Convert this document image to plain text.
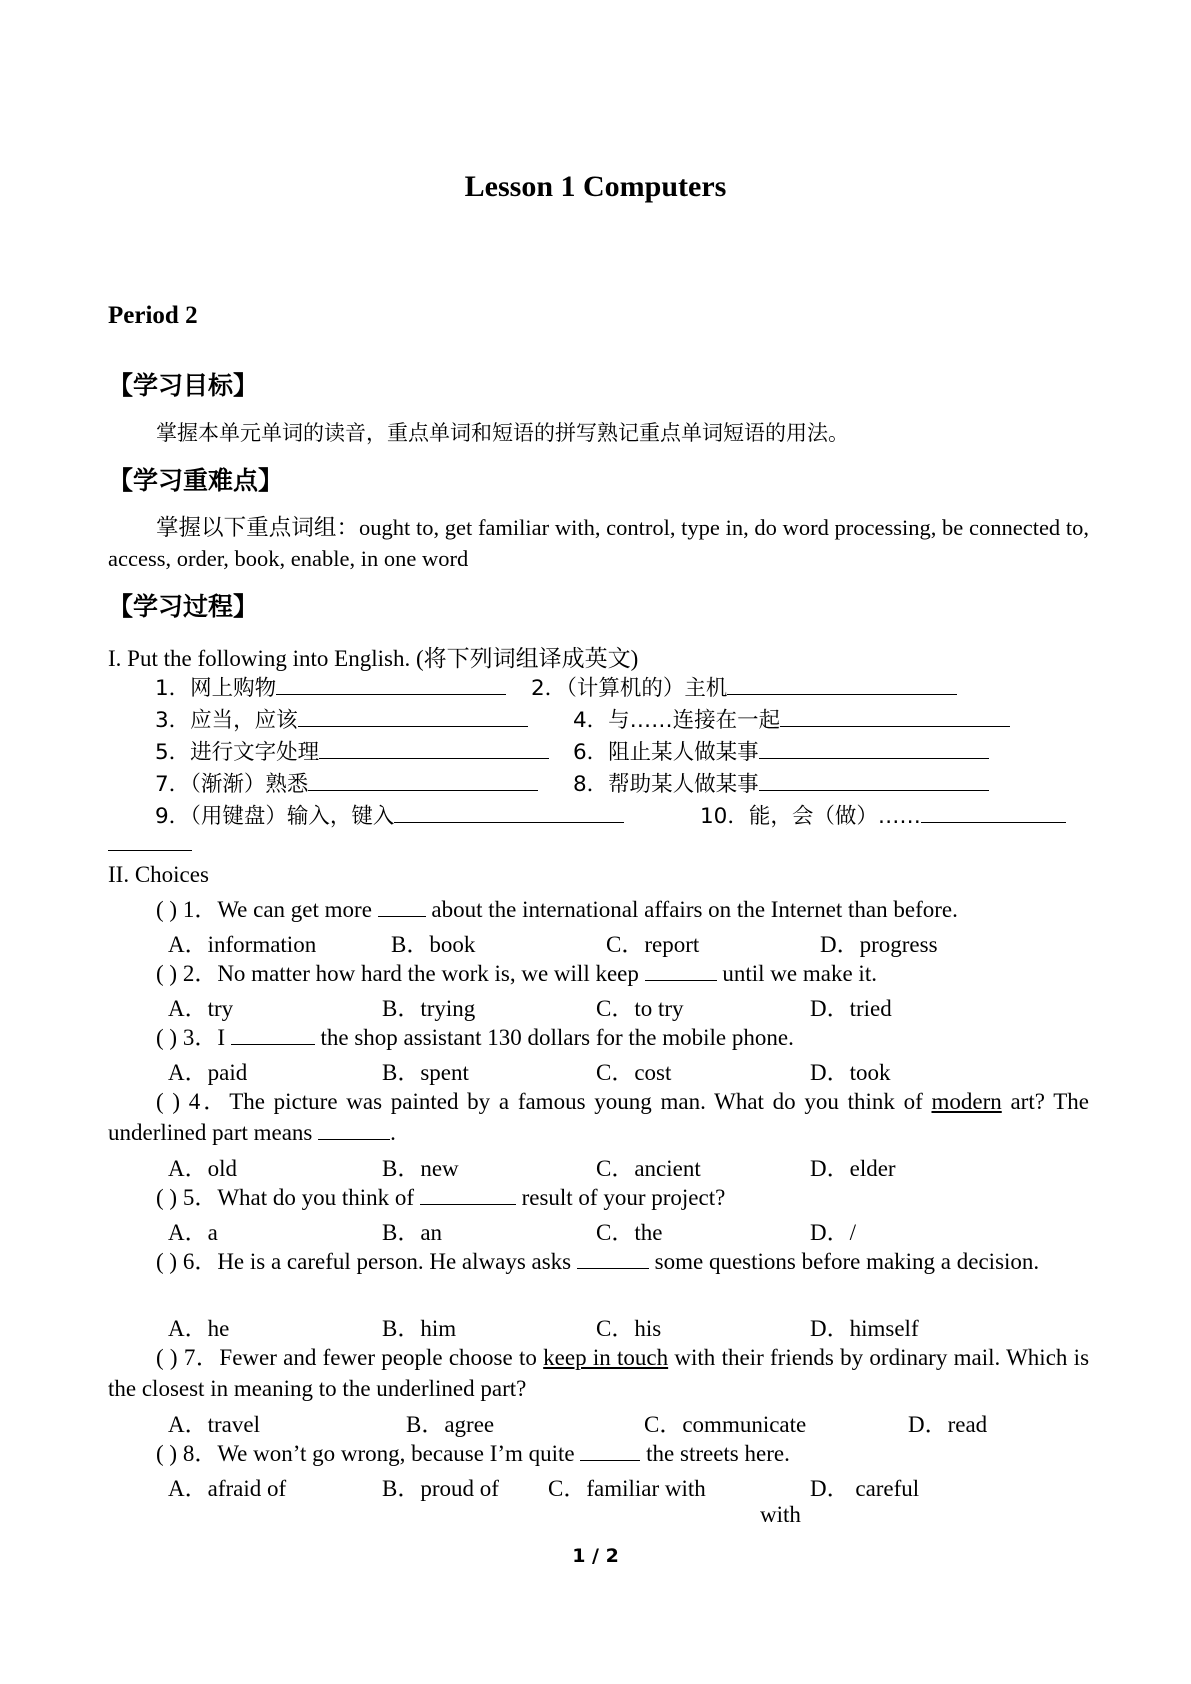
Lesson 1 Computers
Period 2
【学习目标】
掌握本单元单词的读音，重点单词和短语的拼写熟记重点单词短语的用法。
【学习重难点】
掌握以下重点词组：ought to, get familiar with, control, type in, do word processing, be connected to, access, order, book, enable, in one word
【学习过程】
I. Put the following into English. (将下列词组译成英文)
1．网上购物	2．（计算机的）主机
3．应当，应该	4．与……连接在一起
5．进行文字处理	6．阻止某人做某事
7．（渐渐）熟悉	8．帮助某人做某事
9．（用键盘）输入，键入	10．能，会（做）……
II. Choices
( ) 1．We can get more  about the international affairs on the Internet than before.
A．information	B．book	C．report	D．progress
( ) 2．No matter how hard the work is, we will keep	until we make it.
A．try	B．trying	C．to try	D．tried
( ) 3．I	the shop assistant 130 dollars for the mobile phone.
A．paid	B．spent	C．cost	D．took
( ) 4．The picture was painted by a famous young man. What do you think of modern art? The underlined part means	.
A．old	B．new	C．ancient	D．elder
( ) 5．What do you think of	result of your project?
A．a	B．an	C．the	D．/
( ) 6．He is a careful person. He always asks	some questions before making a decision.
A．he	B．him	C．his	D．himself
( ) 7．Fewer and fewer people choose to keep in touch with their friends by ordinary mail. Which is the closest in meaning to the underlined part?
A．travel	B．agree	C．communicate	D．read
( ) 8．We won’t go wrong, because I’m quite	the streets here.
A．afraid of	B．proud of C．familiar with	D． careful
with
1 / 2
